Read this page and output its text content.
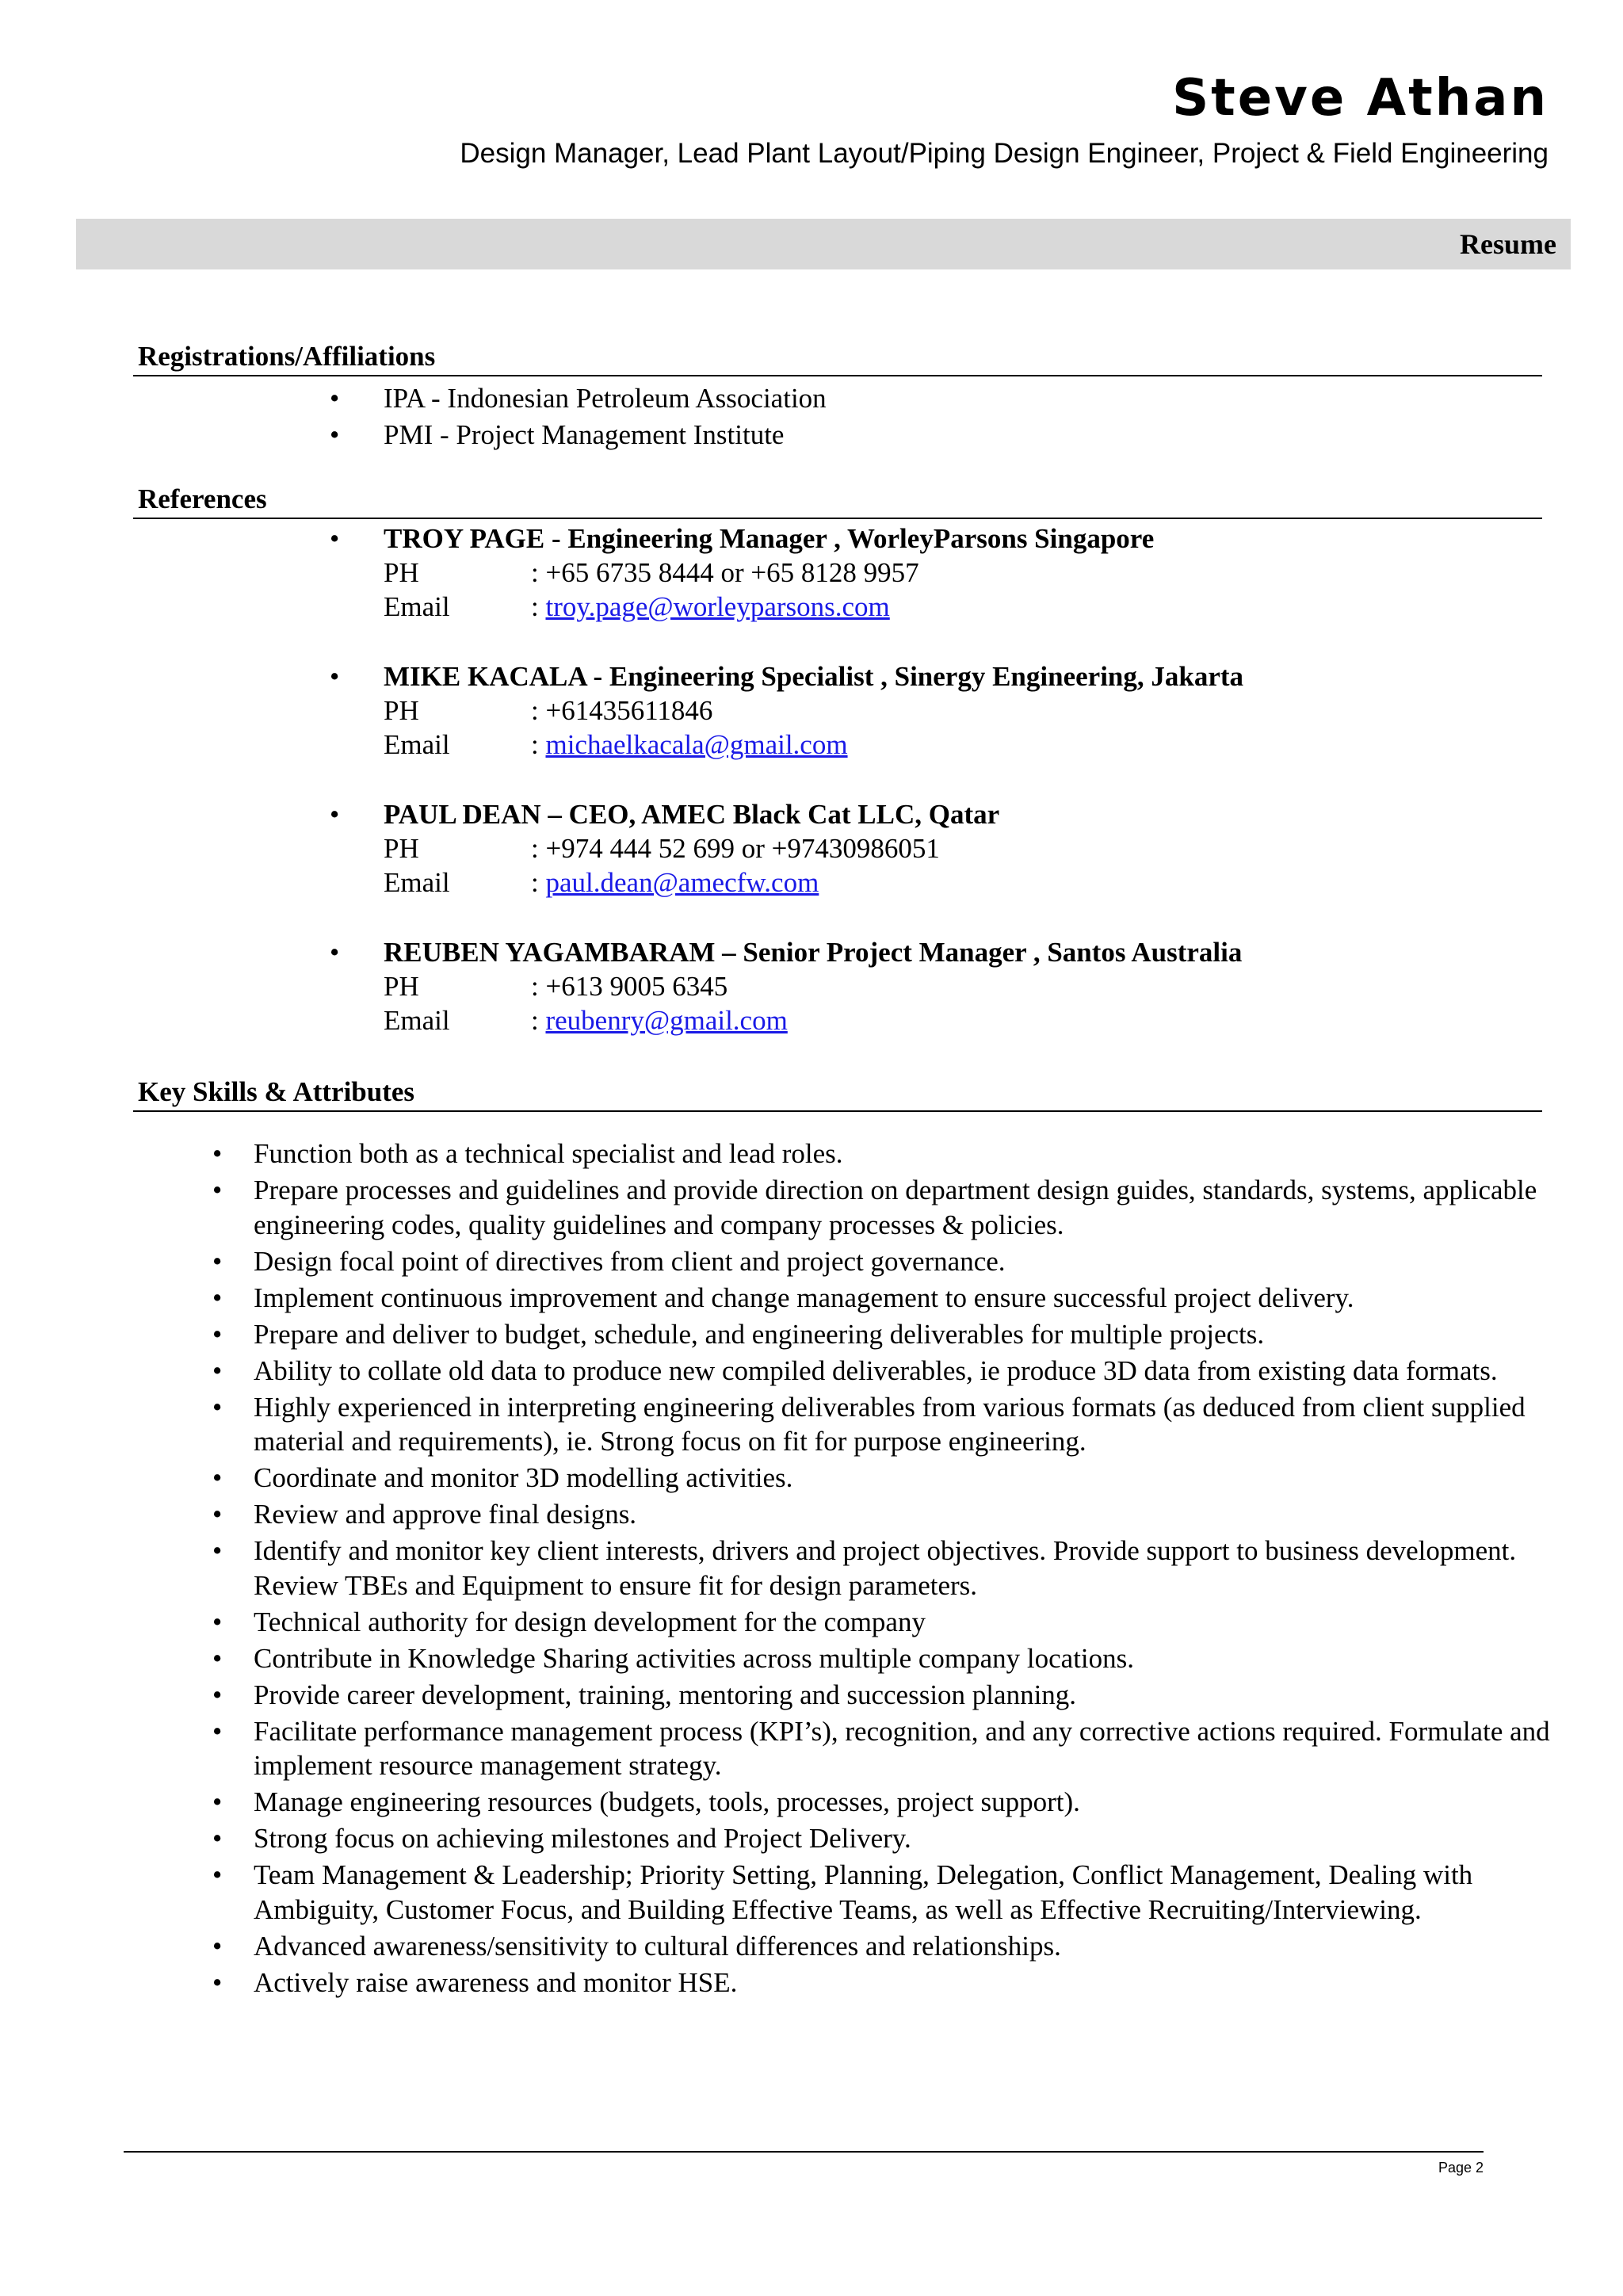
Steve Athan
Design Manager, Lead Plant Layout/Piping Design Engineer, Project & Field Engineering
Resume
Registrations/Affiliations
• IPA - Indonesian Petroleum Association
• PMI - Project Management Institute
References
• TROY PAGE - Engineering Manager , WorleyParsons Singapore
PH	: +65 6735 8444 or +65 8128 9957
Email	: troy.page@worleyparsons.com
• MIKE KACALA - Engineering Specialist , Sinergy Engineering, Jakarta
PH	: +61435611846
Email	: michaelkacala@gmail.com
• PAUL DEAN – CEO, AMEC Black Cat LLC, Qatar
PH	: +974 444 52 699 or +97430986051
Email	: paul.dean@amecfw.com
• REUBEN YAGAMBARAM – Senior Project Manager , Santos Australia
PH	: +613 9005 6345
Email	: reubenry@gmail.com
Key Skills & Attributes
• Function both as a technical specialist and lead roles.
• Prepare processes and guidelines and provide direction on department design guides, standards, systems, applicable engineering codes, quality guidelines and company processes & policies.
• Design focal point of directives from client and project governance.
• Implement continuous improvement and change management to ensure successful project delivery.
• Prepare and deliver to budget, schedule, and engineering deliverables for multiple projects.
• Ability to collate old data to produce new compiled deliverables, ie produce 3D data from existing data formats.
• Highly experienced in interpreting engineering deliverables from various formats (as deduced from client supplied material and requirements), ie. Strong focus on fit for purpose engineering.
• Coordinate and monitor 3D modelling activities.
• Review and approve final designs.
• Identify and monitor key client interests, drivers and project objectives. Provide support to business development. Review TBEs and Equipment to ensure fit for design parameters.
• Technical authority for design development for the company
• Contribute in Knowledge Sharing activities across multiple company locations.
• Provide career development, training, mentoring and succession planning.
• Facilitate performance management process (KPI’s), recognition, and any corrective actions required. Formulate and implement resource management strategy.
• Manage engineering resources (budgets, tools, processes, project support).
• Strong focus on achieving milestones and Project Delivery.
• Team Management & Leadership; Priority Setting, Planning, Delegation, Conflict Management, Dealing with Ambiguity, Customer Focus, and Building Effective Teams, as well as Effective Recruiting/Interviewing.
• Advanced awareness/sensitivity to cultural differences and relationships.
• Actively raise awareness and monitor HSE.
Page 2
